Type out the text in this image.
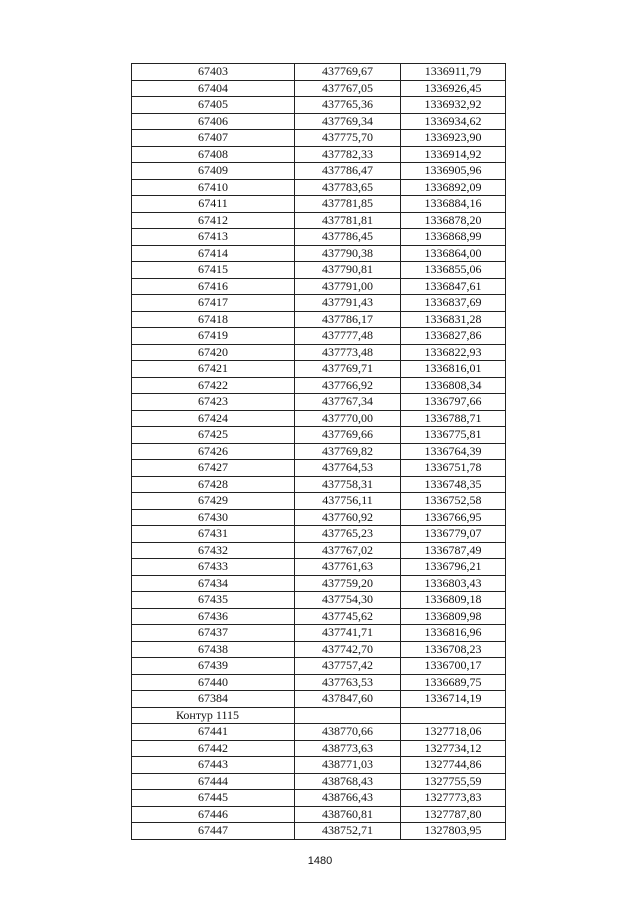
67403	437769,67	1336911,79
67404	437767,05	1336926,45
67405	437765,36	1336932,92
67406	437769,34	1336934,62
67407	437775,70	1336923,90
67408	437782,33	1336914,92
67409	437786,47	1336905,96
67410	437783,65	1336892,09
67411	437781,85	1336884,16
67412	437781,81	1336878,20
67413	437786,45	1336868,99
67414	437790,38	1336864,00
67415	437790,81	1336855,06
67416	437791,00	1336847,61
67417	437791,43	1336837,69
67418	437786,17	1336831,28
67419	437777,48	1336827,86
67420	437773,48	1336822,93
67421	437769,71	1336816,01
67422	437766,92	1336808,34
67423	437767,34	1336797,66
67424	437770,00	1336788,71
67425	437769,66	1336775,81
67426	437769,82	1336764,39
67427	437764,53	1336751,78
67428	437758,31	1336748,35
67429	437756,11	1336752,58
67430	437760,92	1336766,95
67431	437765,23	1336779,07
67432	437767,02	1336787,49
67433	437761,63	1336796,21
67434	437759,20	1336803,43
67435	437754,30	1336809,18
67436	437745,62	1336809,98
67437	437741,71	1336816,96
67438	437742,70	1336708,23
67439	437757,42	1336700,17
67440	437763,53	1336689,75
67384	437847,60	1336714,19
Контур 1115		
67441	438770,66	1327718,06
67442	438773,63	1327734,12
67443	438771,03	1327744,86
67444	438768,43	1327755,59
67445	438766,43	1327773,83
67446	438760,81	1327787,80
67447	438752,71	1327803,95
1480
